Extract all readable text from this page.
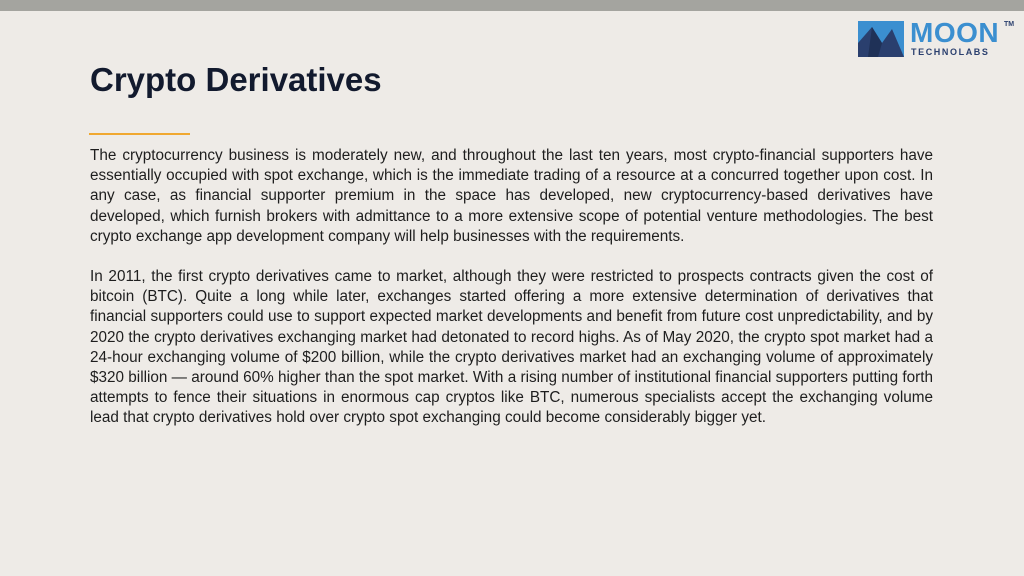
MOON TM
TECHNOLABS
Crypto Derivatives

The cryptocurrency business is moderately new, and throughout the last ten years, most crypto-financial supporters have essentially occupied with spot exchange, which is the immediate trading of a resource at a concurred together upon cost. In any case, as financial supporter premium in the space has developed, new cryptocurrency-based derivatives have developed, which furnish brokers with admittance to a more extensive scope of potential venture methodologies. The best crypto exchange app development company will help businesses with the requirements.

In 2011, the first crypto derivatives came to market, although they were restricted to prospects contracts given the cost of bitcoin (BTC). Quite a long while later, exchanges started offering a more extensive determination of derivatives that financial supporters could use to support expected market developments and benefit from future cost unpredictability, and by 2020 the crypto derivatives exchanging market had detonated to record highs. As of May 2020, the crypto spot market had a 24-hour exchanging volume of $200 billion, while the crypto derivatives market had an exchanging volume of approximately $320 billion — around 60% higher than the spot market. With a rising number of institutional financial supporters putting forth attempts to fence their situations in enormous cap cryptos like BTC, numerous specialists accept the exchanging volume lead that crypto derivatives hold over crypto spot exchanging could become considerably bigger yet.
